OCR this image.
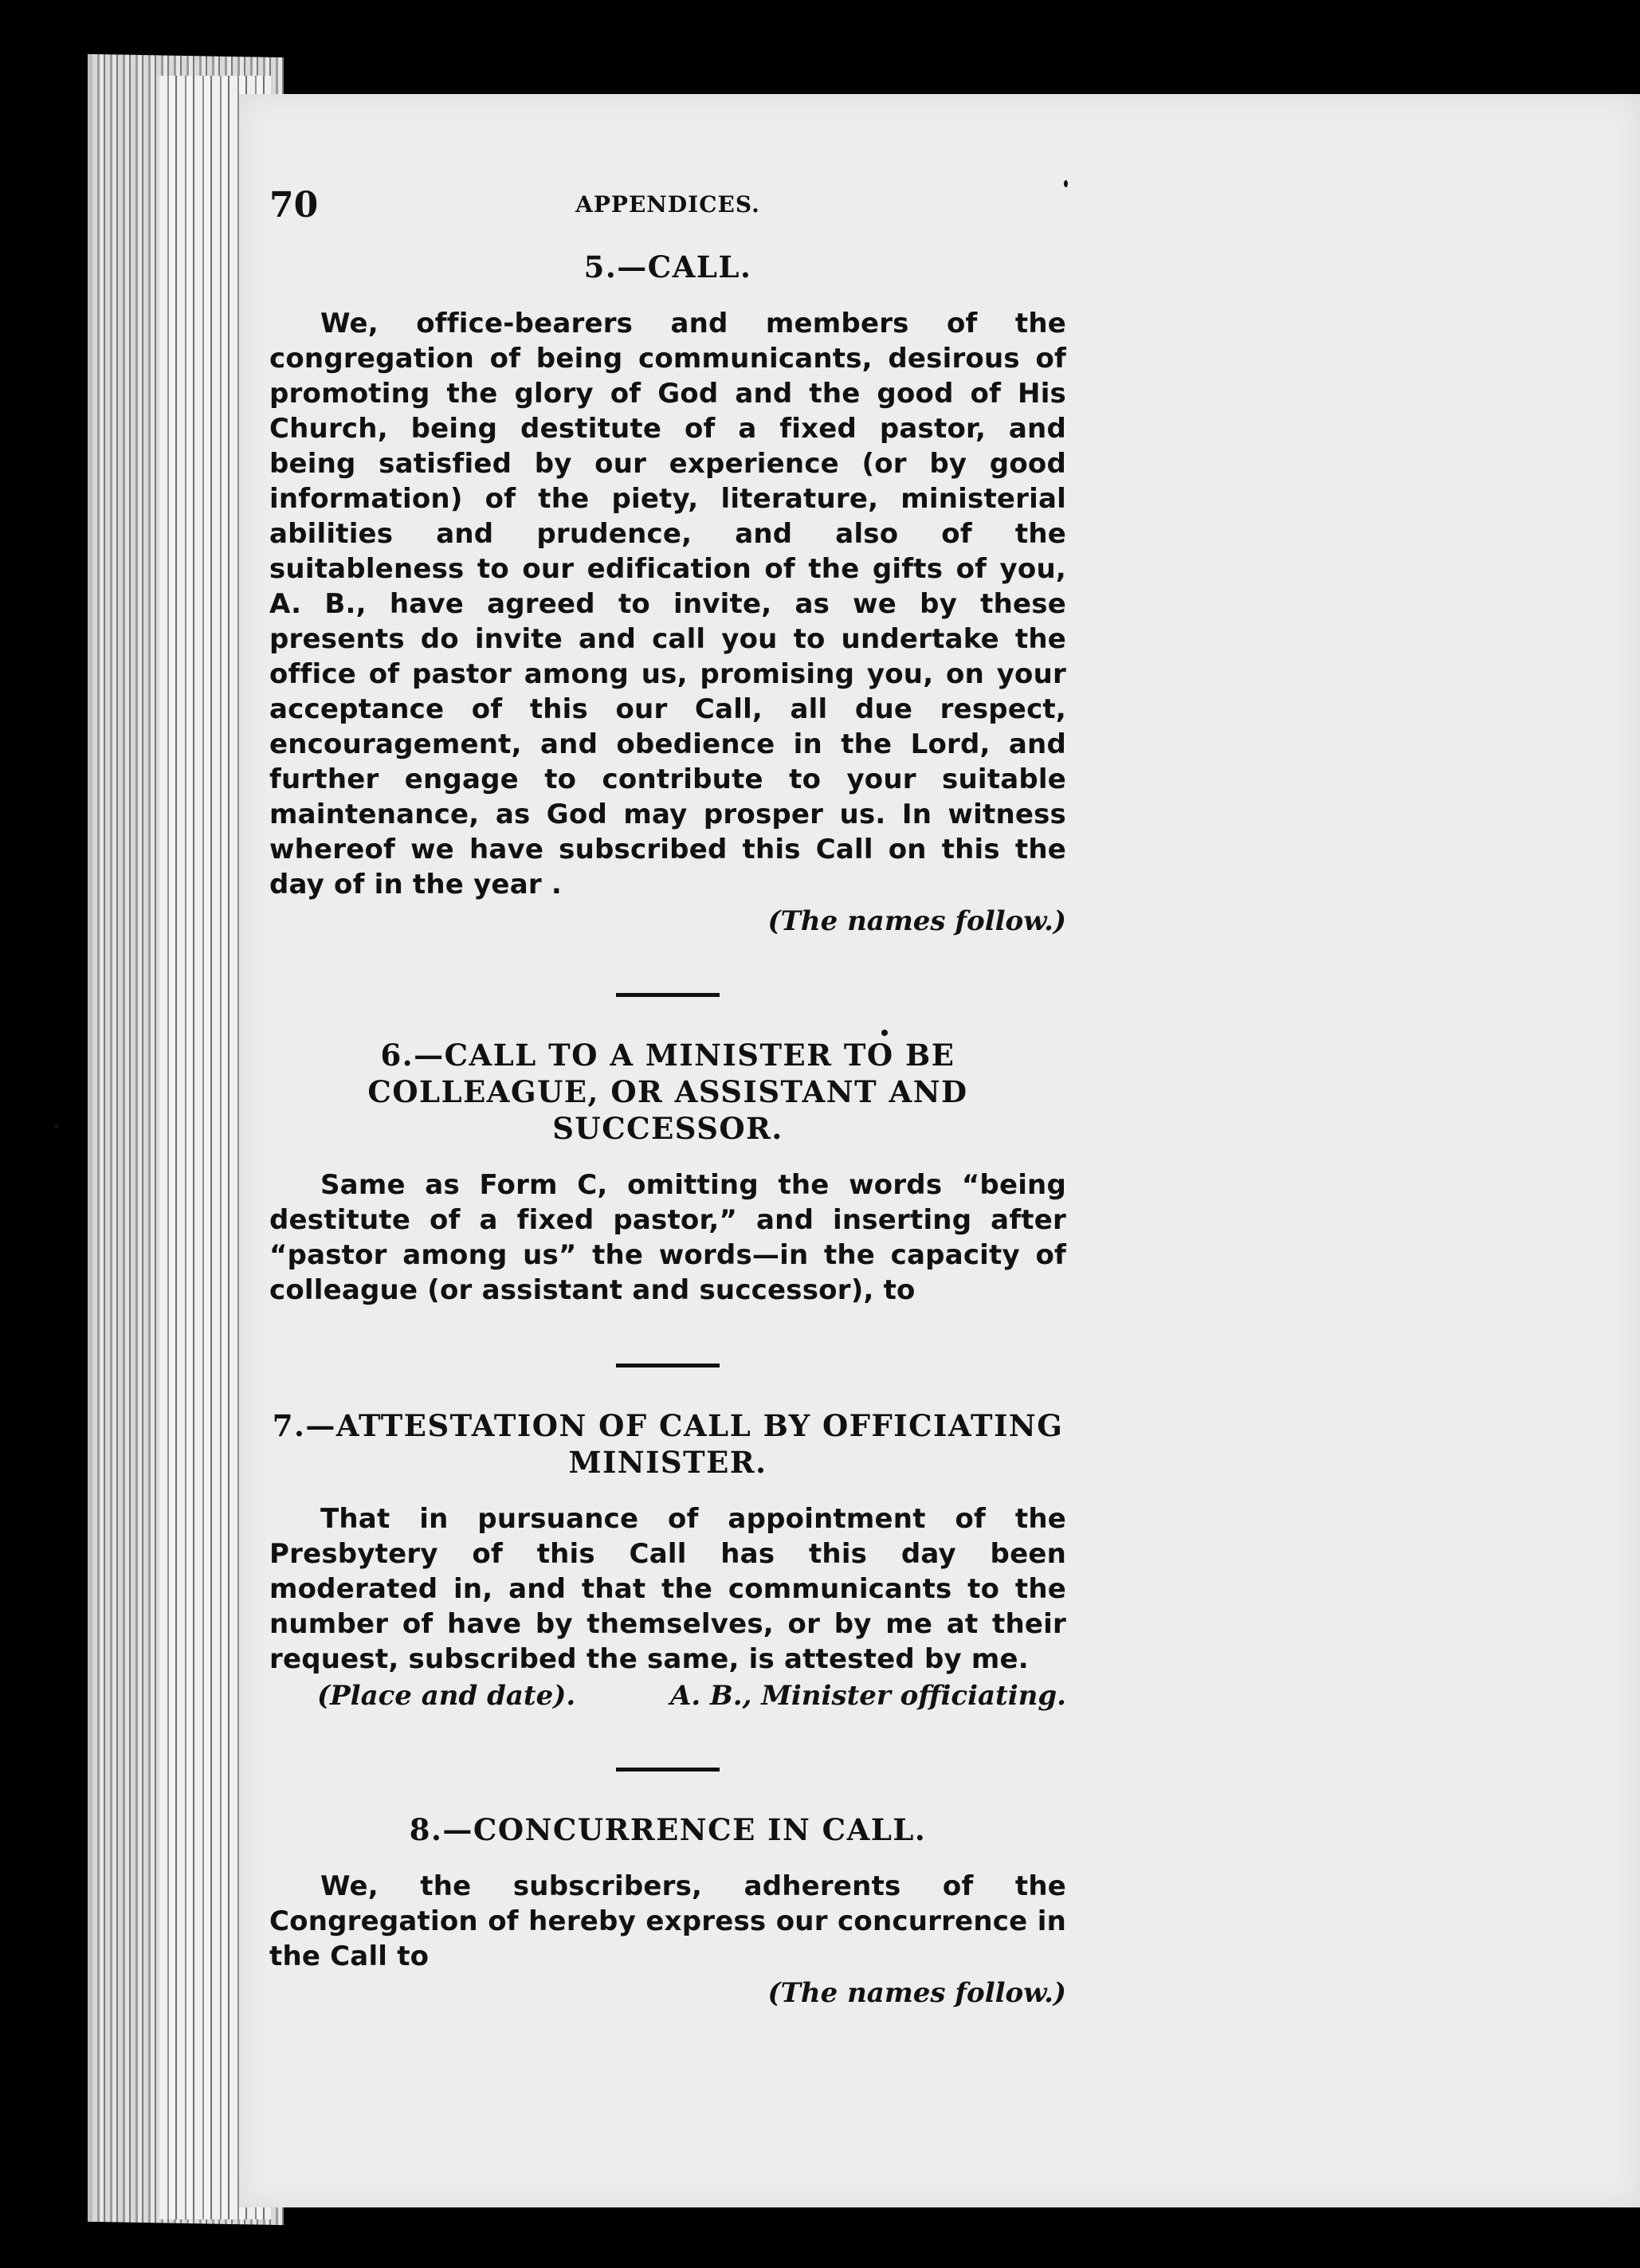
70	APPENDICES.
5.—CALL.

We, office-bearers and members of the congregation of being communicants, desirous of promoting the glory of God and the good of His Church, being destitute of a fixed pastor, and being satisfied by our experience (or by good information) of the piety, literature, ministerial abilities and prudence, and also of the suitableness to our edification of the gifts of you, A. B., have agreed to invite, as we by these presents do invite and call you to undertake the office of pastor among us, promising you, on your acceptance of this our Call, all due respect, encouragement, and obedience in the Lord, and further engage to contribute to your suitable maintenance, as God may prosper us. In witness whereof we have subscribed this Call on this the day of in the year .

(The names follow.)
6.—CALL TO A MINISTER TO BE COLLEAGUE, OR ASSISTANT AND SUCCESSOR.

Same as Form C, omitting the words “being destitute of a fixed pastor,” and inserting after “pastor among us” the words—in the capacity of colleague (or assistant and successor), to

7.—ATTESTATION OF CALL BY OFFICIATING MINISTER.

That in pursuance of appointment of the Presbytery of this Call has this day been moderated in, and that the communicants to the number of have by themselves, or by me at their request, subscribed the same, is attested by me.

(Place and date).	A. B., Minister officiating.
8.—CONCURRENCE IN CALL.

We, the subscribers, adherents of the Congregation of hereby express our concurrence in the Call to

(The names follow.)
